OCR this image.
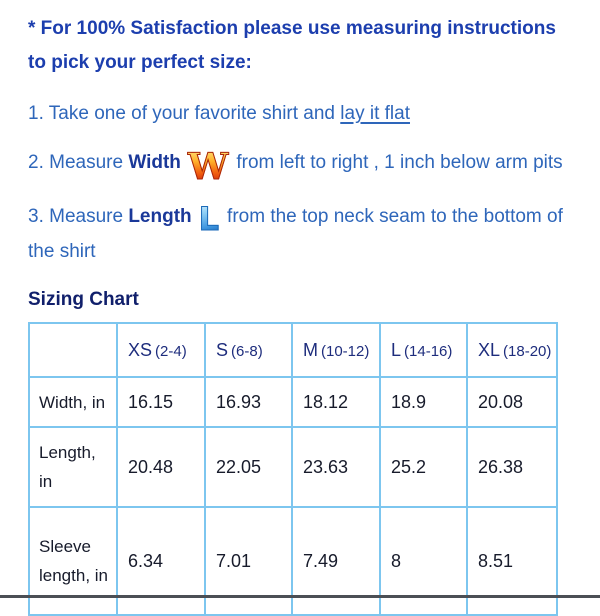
* For 100% Satisfaction please use measuring instructions
to pick your perfect size:

1. Take one of your favorite shirt and lay it flat

2. Measure Width W from left to right , 1 inch below arm pits

3. Measure Length L from the top neck seam to the bottom of the shirt

Sizing Chart
	XS (2-4)	S (6-8)	M (10-12)	L (14-16)	XL (18-20)
Width, in	16.15	16.93	18.12	18.9	20.08
Length, in	20.48	22.05	23.63	25.2	26.38
Sleeve length, in	6.34	7.01	7.49	8	8.51
